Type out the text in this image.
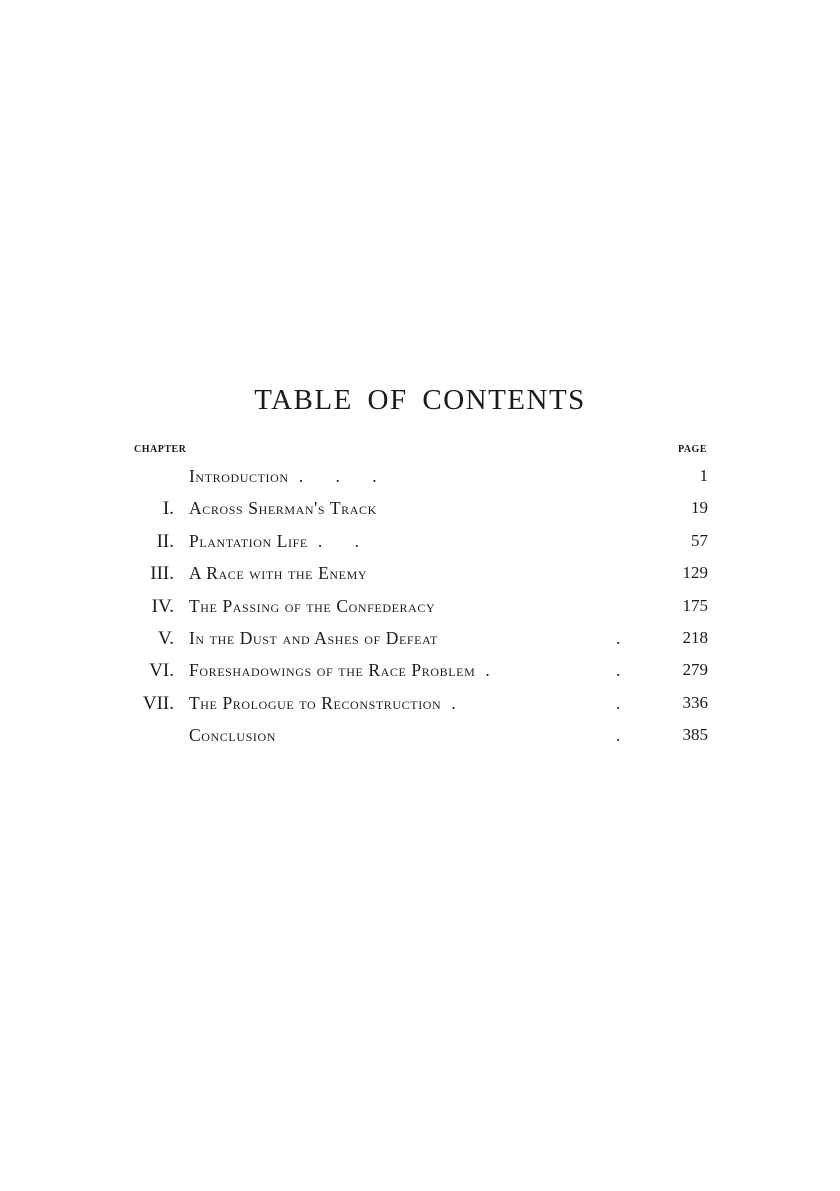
TABLE OF CONTENTS
CHAPTER	PAGE
Introduction . . .	1
I. Across Sherman's Track	19
II. Plantation Life . .	57
III. A Race with the Enemy	129
IV. The Passing of the Confederacy	175
V. In the Dust and Ashes of Defeat	.	218
VI. Foreshadowings of the Race Problem .	.	279
VII. The Prologue to Reconstruction .	.	336
Conclusion	.	385
